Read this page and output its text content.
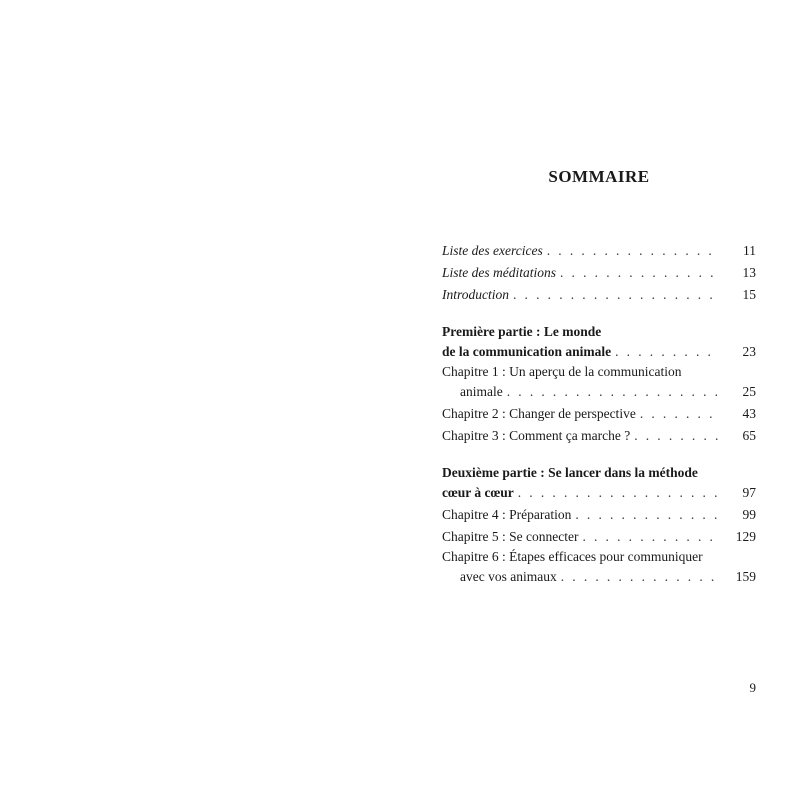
SOMMAIRE
Liste des exercices . . .	11
Liste des méditations . . .	13
Introduction . . .	15
Première partie : Le monde
de la communication animale . . .	23
Chapitre 1 : Un aperçu de la communication
animale . . .	25
Chapitre 2 : Changer de perspective . . .	43
Chapitre 3 : Comment ça marche ? . . .	65
Deuxième partie : Se lancer dans la méthode
cœur à cœur . . .	97
Chapitre 4 : Préparation . . .	99
Chapitre 5 : Se connecter . . .	129
Chapitre 6 : Étapes efficaces pour communiquer
avec vos animaux . . .	159
9
